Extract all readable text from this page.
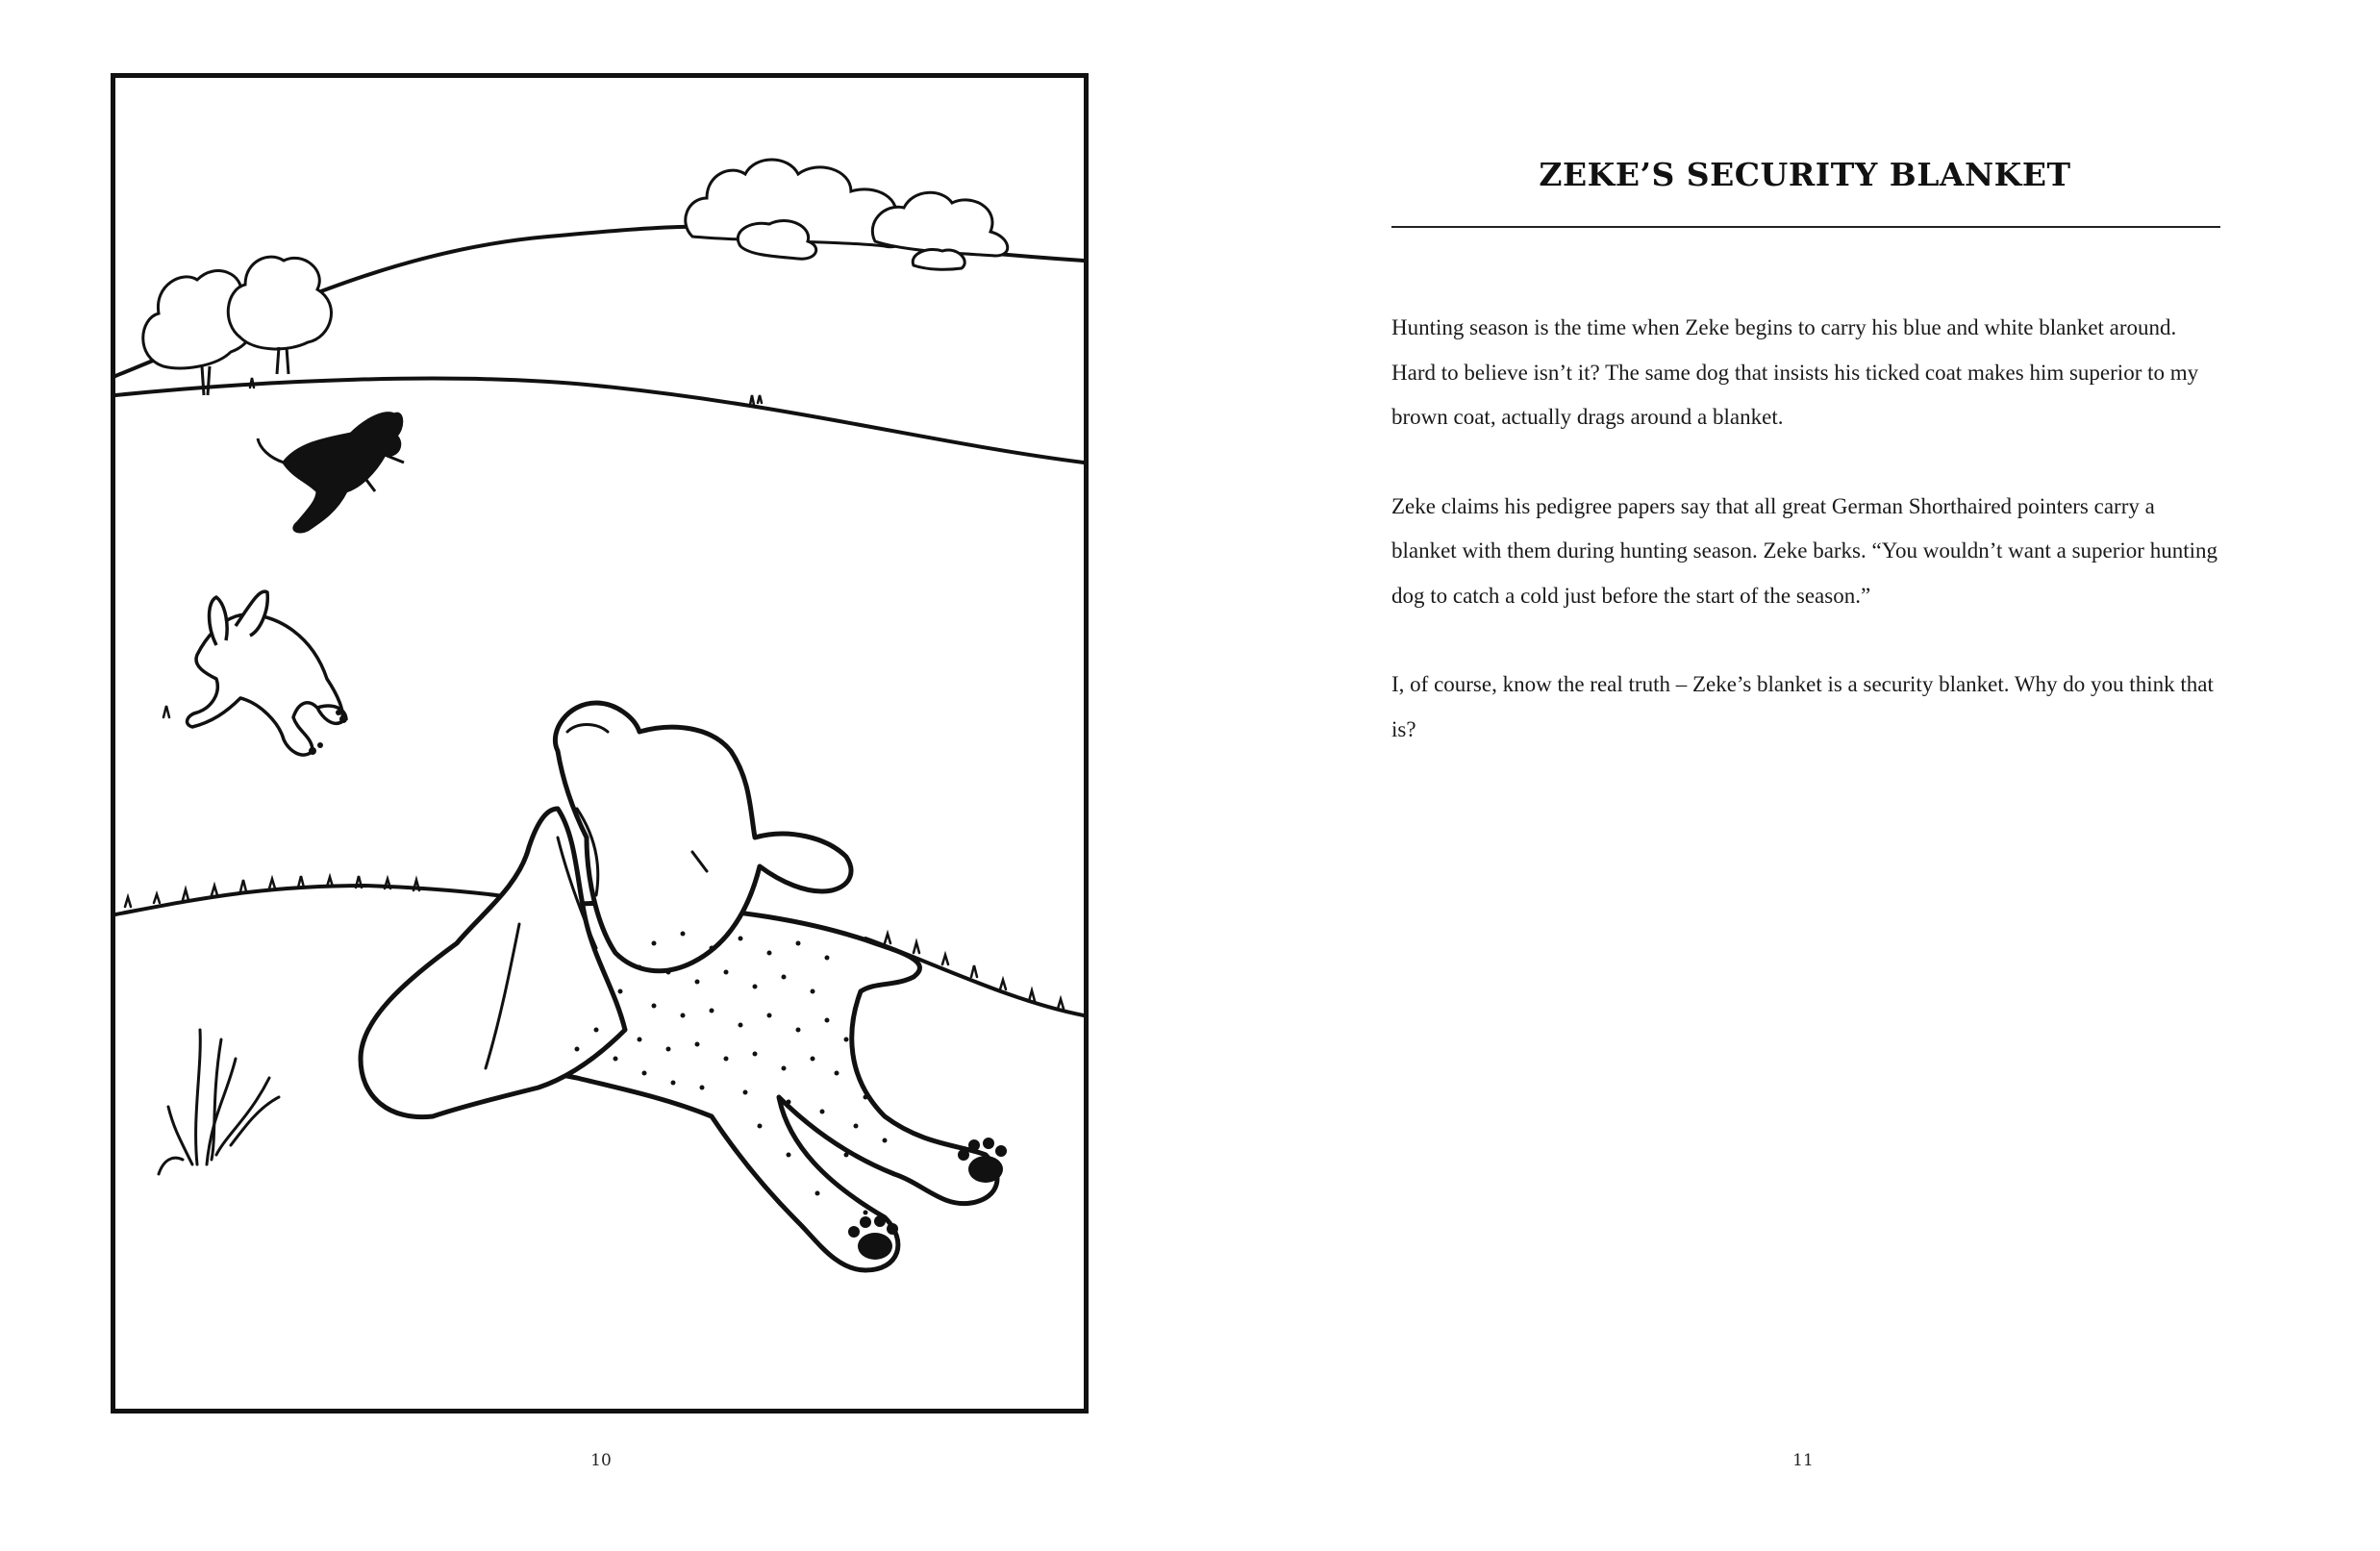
10
ZEKE’S SECURITY BLANKET

Hunting season is the time when Zeke begins to carry his blue and white blanket around. Hard to believe isn’t it? The same dog that insists his ticked coat makes him superior to my brown coat, actually drags around a blanket.

Zeke claims his pedigree papers say that all great German Shorthaired pointers carry a blanket with them during hunting season. Zeke barks. “You wouldn’t want a superior hunting dog to catch a cold just before the start of the season.”

I, of course, know the real truth – Zeke’s blanket is a security blanket. Why do you think that is?

11
